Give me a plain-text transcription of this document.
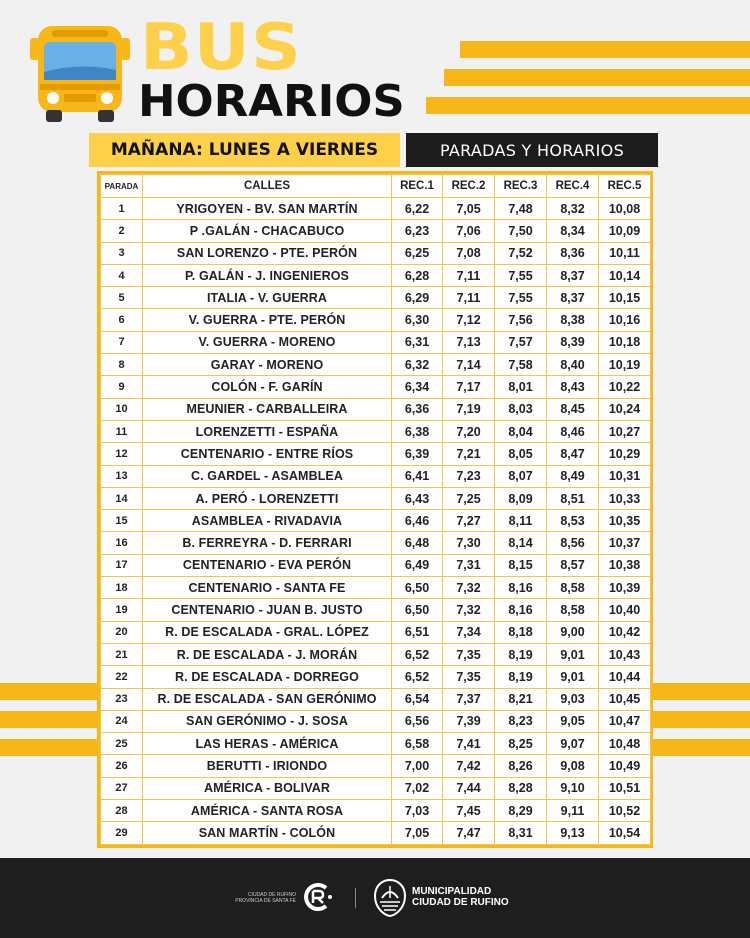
BUS
HORARIOS
MAÑANA: LUNES A VIERNES	PARADAS Y HORARIOS
PARADA	CALLES	REC.1	REC.2	REC.3	REC.4	REC.5
1	YRIGOYEN - BV. SAN MARTÍN	6,22	7,05	7,48	8,32	10,08
2	P .GALÁN - CHACABUCO	6,23	7,06	7,50	8,34	10,09
3	SAN LORENZO - PTE. PERÓN	6,25	7,08	7,52	8,36	10,11
4	P. GALÁN - J. INGENIEROS	6,28	7,11	7,55	8,37	10,14
5	ITALIA - V. GUERRA	6,29	7,11	7,55	8,37	10,15
6	V. GUERRA - PTE. PERÓN	6,30	7,12	7,56	8,38	10,16
7	V. GUERRA - MORENO	6,31	7,13	7,57	8,39	10,18
8	GARAY - MORENO	6,32	7,14	7,58	8,40	10,19
9	COLÓN - F. GARÍN	6,34	7,17	8,01	8,43	10,22
10	MEUNIER - CARBALLEIRA	6,36	7,19	8,03	8,45	10,24
11	LORENZETTI - ESPAÑA	6,38	7,20	8,04	8,46	10,27
12	CENTENARIO - ENTRE RÍOS	6,39	7,21	8,05	8,47	10,29
13	C. GARDEL - ASAMBLEA	6,41	7,23	8,07	8,49	10,31
14	A. PERÓ - LORENZETTI	6,43	7,25	8,09	8,51	10,33
15	ASAMBLEA - RIVADAVIA	6,46	7,27	8,11	8,53	10,35
16	B. FERREYRA - D. FERRARI	6,48	7,30	8,14	8,56	10,37
17	CENTENARIO - EVA PERÓN	6,49	7,31	8,15	8,57	10,38
18	CENTENARIO - SANTA FE	6,50	7,32	8,16	8,58	10,39
19	CENTENARIO - JUAN B. JUSTO	6,50	7,32	8,16	8,58	10,40
20	R. DE ESCALADA - GRAL. LÓPEZ	6,51	7,34	8,18	9,00	10,42
21	R. DE ESCALADA - J. MORÁN	6,52	7,35	8,19	9,01	10,43
22	R. DE ESCALADA - DORREGO	6,52	7,35	8,19	9,01	10,44
23	R. DE ESCALADA - SAN GERÓNIMO	6,54	7,37	8,21	9,03	10,45
24	SAN GERÓNIMO - J. SOSA	6,56	7,39	8,23	9,05	10,47
25	LAS HERAS - AMÉRICA	6,58	7,41	8,25	9,07	10,48
26	BERUTTI - IRIONDO	7,00	7,42	8,26	9,08	10,49
27	AMÉRICA - BOLIVAR	7,02	7,44	8,28	9,10	10,51
28	AMÉRICA - SANTA ROSA	7,03	7,45	8,29	9,11	10,52
29	SAN MARTÍN - COLÓN	7,05	7,47	8,31	9,13	10,54
CIUDAD DE RUFINO
PROVINCIA DE SANTA FE
MUNICIPALIDAD
CIUDAD DE RUFINO
